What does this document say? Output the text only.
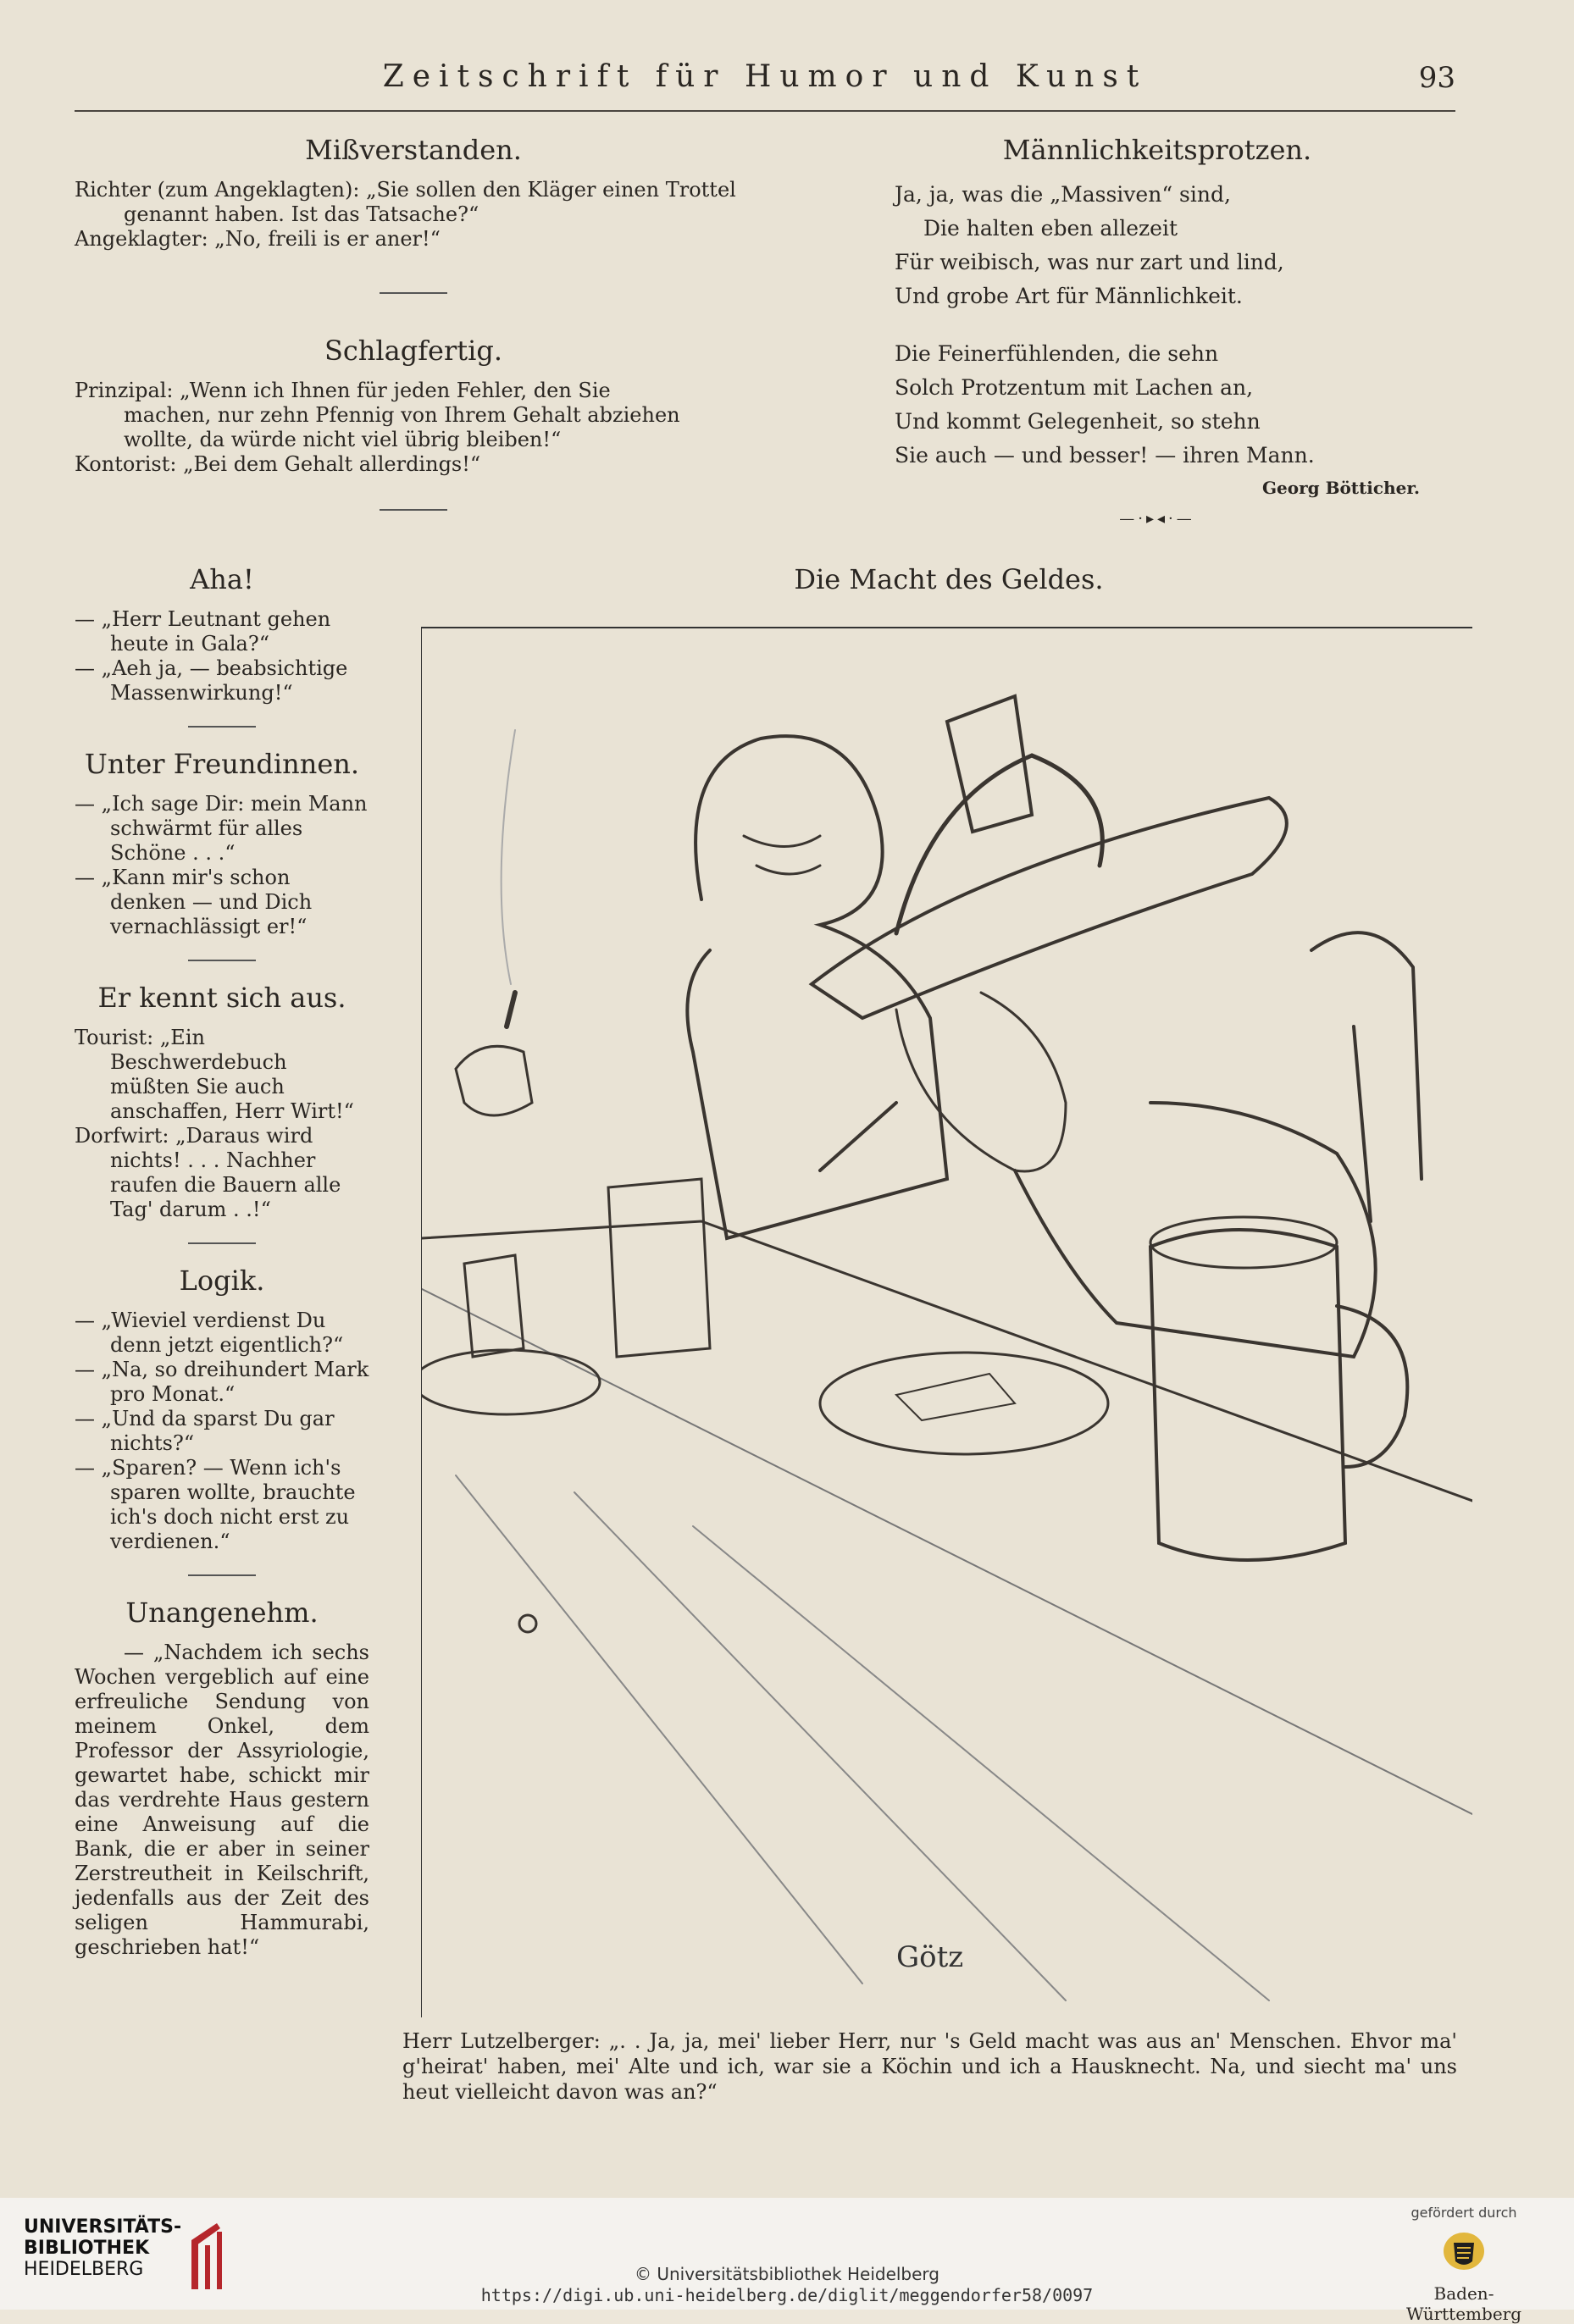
Zeitschrift für Humor und Kunst	93
Mißverstanden.

Richter (zum Angeklagten): „Sie sollen den Kläger einen Trottel

genannt haben. Ist das Tatsache?“

Angeklagter: „No, freili is er aner!“

Schlagfertig.

Prinzipal: „Wenn ich Ihnen für jeden Fehler, den Sie

machen, nur zehn Pfennig von Ihrem Gehalt abziehen

wollte, da würde nicht viel übrig bleiben!“

Kontorist: „Bei dem Gehalt allerdings!“

Männlichkeitsprotzen.

Ja, ja, was die „Massiven“ sind,

Die halten eben allezeit

Für weibisch, was nur zart und lind,

Und grobe Art für Männlichkeit.

Die Feinerfühlenden, die sehn

Solch Protzentum mit Lachen an,

Und kommt Gelegenheit, so stehn

Sie auch — und besser! — ihren Mann.

Georg Bötticher.

—·▸◂·—
Aha!

— „Herr Leutnant gehen heute in Gala?“

— „Aeh ja, — beabsichtige Massenwirkung!“

Unter Freundinnen.

— „Ich sage Dir: mein Mann schwärmt für alles Schöne . . .“

— „Kann mir's schon denken — und Dich vernachlässigt er!“

Er kennt sich aus.

Tourist: „Ein Beschwerdebuch müßten Sie auch anschaffen, Herr Wirt!“

Dorfwirt: „Daraus wird nichts! . . . Nachher raufen die Bauern alle Tag' darum . .!“

Logik.

— „Wieviel verdienst Du denn jetzt eigentlich?“

— „Na, so dreihundert Mark pro Monat.“

— „Und da sparst Du gar nichts?“

— „Sparen? — Wenn ich's sparen wollte, brauchte ich's doch nicht erst zu verdienen.“

Unangenehm.

— „Nachdem ich sechs Wochen vergeblich auf eine erfreuliche Sendung von meinem Onkel, dem Professor der Assyriologie, gewartet habe, schickt mir das verdrehte Haus gestern eine Anweisung auf die Bank, die er aber in seiner Zerstreutheit in Keilschrift, jedenfalls aus der Zeit des seligen Hammurabi, geschrieben hat!“

Die Macht des Geldes.
Götz
Herr Lutzelberger: „. . Ja, ja, mei' lieber Herr, nur 's Geld macht was aus an' Menschen. Ehvor ma' g'heirat' haben, mei' Alte und ich, war sie a Köchin und ich a Hausknecht. Na, und siecht ma' uns heut vielleicht davon was an?“
UNIVERSITÄTS-
BIBLIOTHEK
HEIDELBERG	© Universitätsbibliothek Heidelberg
https://digi.ub.uni-heidelberg.de/diglit/meggendorfer58/0097
gefördert durch
Baden-Württemberg
